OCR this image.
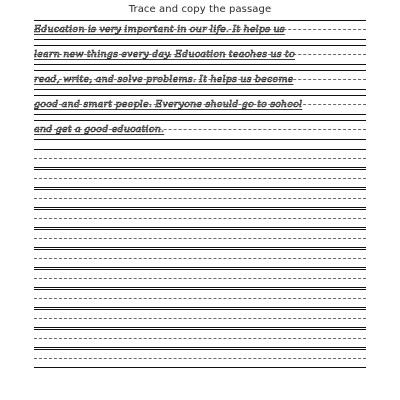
Trace and copy the passage
Education is very important in our life. It helps us
learn new things every day. Education teaches us to
read, write, and solve problems. It helps us become
good and smart people. Everyone should go to school
and get a good education.
